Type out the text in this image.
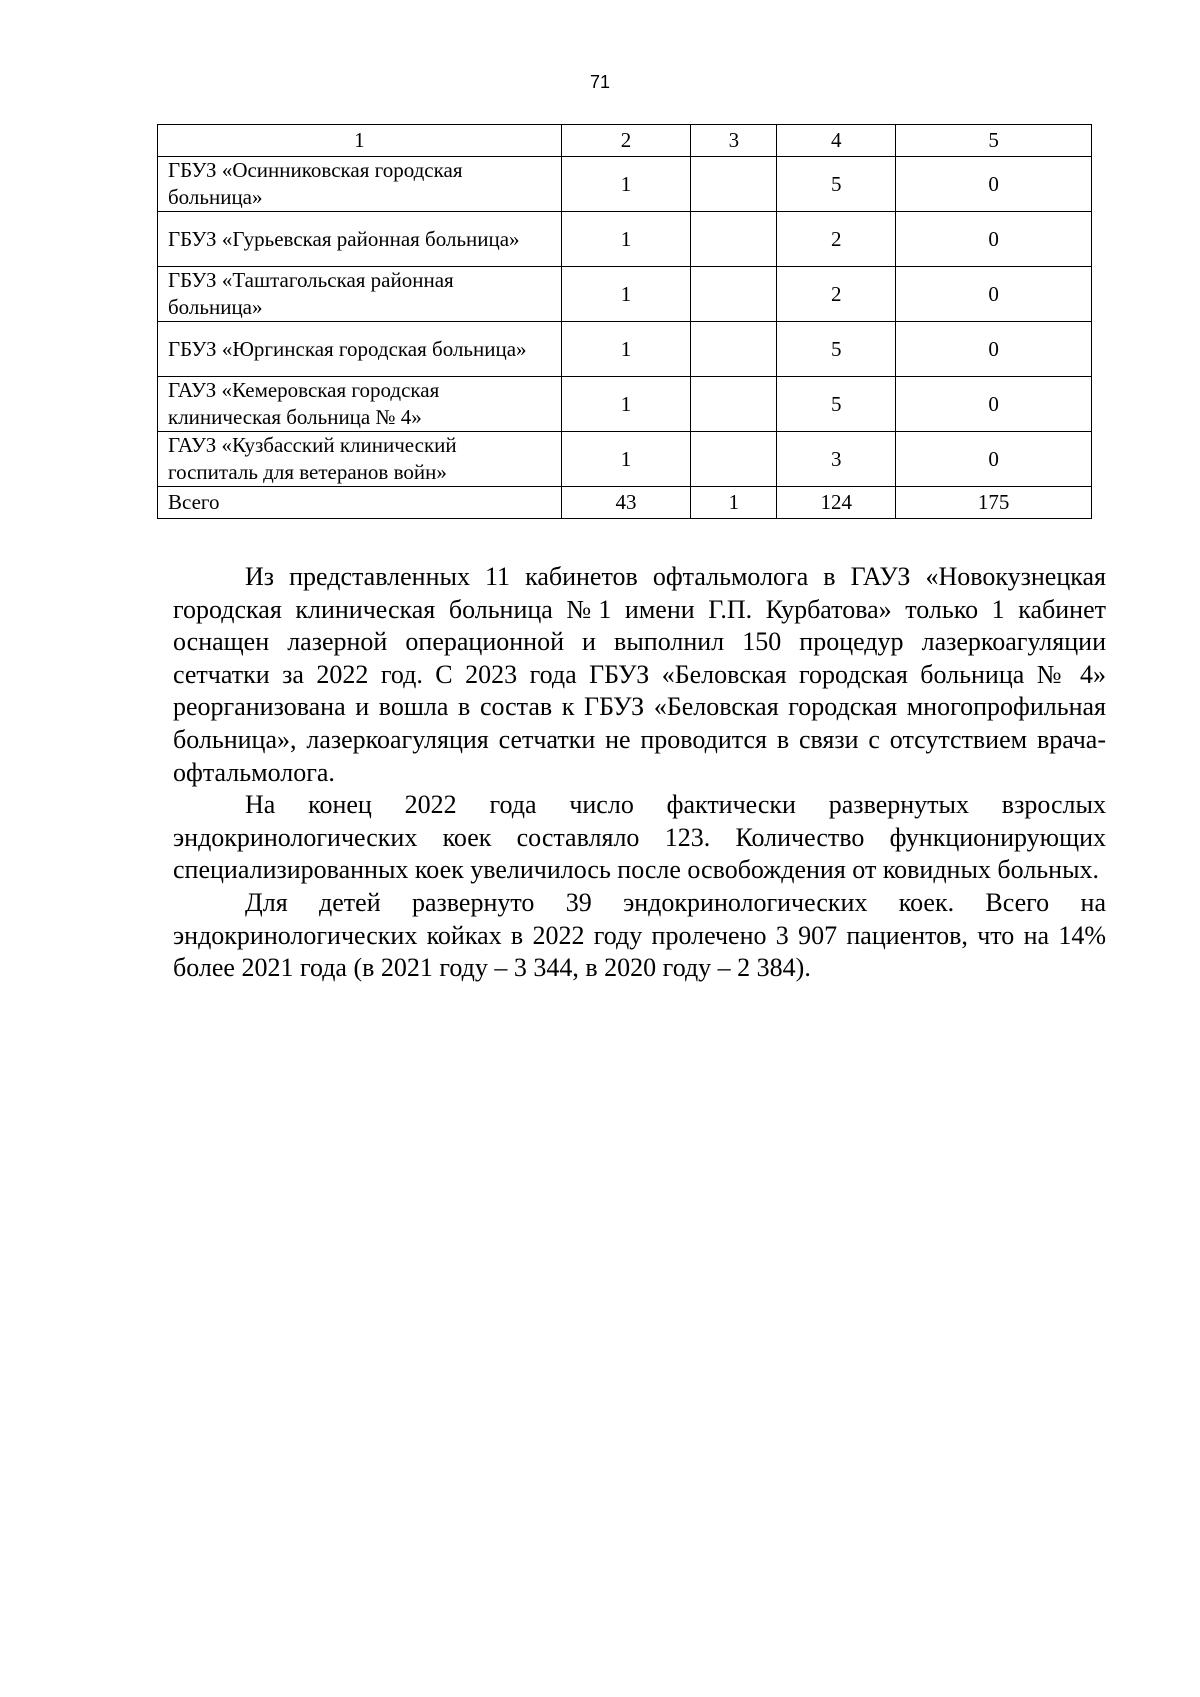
71
1	2	3	4	5
ГБУЗ «Осинниковская городская больница»	1		5	0
ГБУЗ «Гурьевская районная больница»	1		2	0
ГБУЗ «Таштагольская районная больница»	1		2	0
ГБУЗ «Юргинская городская больница»	1		5	0
ГАУЗ «Кемеровская городская клиническая больница № 4»	1		5	0
ГАУЗ «Кузбасский клинический госпиталь для ветеранов войн»	1		3	0
Всего	43	1	124	175

Из представленных 11 кабинетов офтальмолога в ГАУЗ «Новокузнецкая городская клиническая больница №1 имени Г.П. Курбатова» только 1 кабинет оснащен лазерной операционной и выполнил 150 процедур лазеркоагуляции сетчатки за 2022 год. С 2023 года ГБУЗ «Беловская городская больница № 4» реорганизована и вошла в состав к ГБУЗ «Беловская городская многопрофильная больница», лазеркоагуляция сетчатки не проводится в связи с отсутствием врача-офтальмолога.

На конец 2022 года число фактически развернутых взрослых эндокринологических коек составляло 123. Количество функционирующих специализированных коек увеличилось после освобождения от ковидных больных.

Для детей развернуто 39 эндокринологических коек. Всего на эндокринологических койках в 2022 году пролечено 3 907 пациентов, что на 14% более 2021 года (в 2021 году – 3 344, в 2020 году – 2 384).
